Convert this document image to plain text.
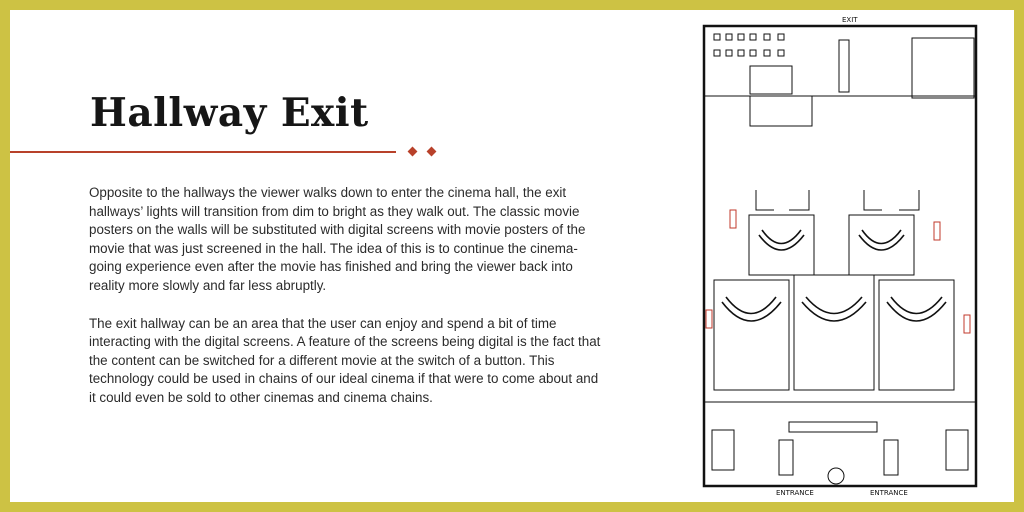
Hallway Exit

Opposite to the hallways the viewer walks down to enter the cinema hall, the exit hallways’ lights will transition from dim to bright as they walk out. The classic movie posters on the walls will be substituted with digital screens with movie posters of the movie that was just screened in the hall. The idea of this is to continue the cinema-going experience even after the movie has finished and bring the viewer back into reality more slowly and far less abruptly.

The exit hallway can be an area that the user can enjoy and spend a bit of time interacting with the digital screens. A feature of the screens being digital is the fact that the content can be switched for a different movie at the switch of a button. This technology could be used in chains of our ideal cinema if that were to come about and it could even be sold to other cinemas and cinema chains.

EXIT
ENTRANCE	ENTRANCE
